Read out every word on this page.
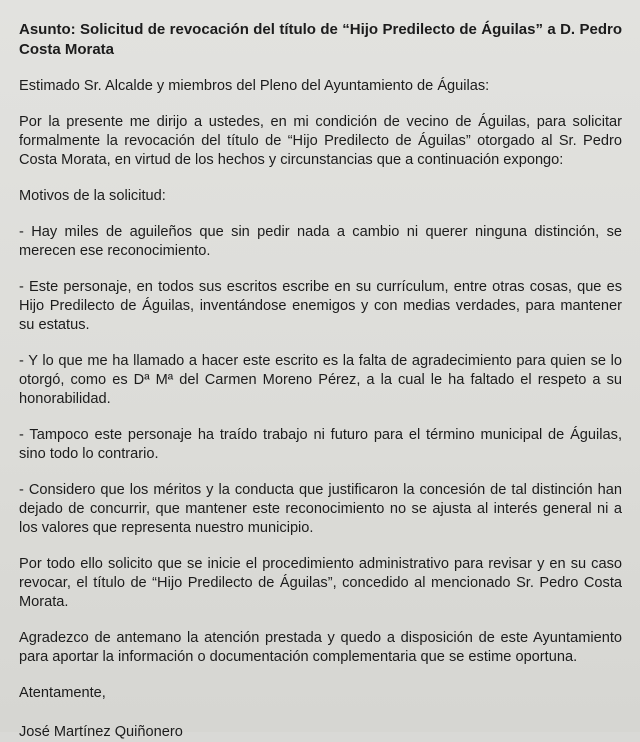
Asunto: Solicitud de revocación del título de “Hijo Predilecto de Águilas” a D. Pedro Costa Morata

Estimado Sr. Alcalde y miembros del Pleno del Ayuntamiento de Águilas:

Por la presente me dirijo a ustedes, en mi condición de vecino de Águilas, para solicitar formalmente la revocación del título de “Hijo Predilecto de Águilas” otorgado al Sr. Pedro Costa Morata, en virtud de los hechos y circunstancias que a continuación expongo:

Motivos de la solicitud:

- Hay miles de aguileños que sin pedir nada a cambio ni querer ninguna distinción, se merecen ese reconocimiento.

- Este personaje, en todos sus escritos escribe en su currículum, entre otras cosas, que es Hijo Predilecto de Águilas, inventándose enemigos y con medias verdades, para mantener su estatus.

- Y lo que me ha llamado a hacer este escrito es la falta de agradecimiento para quien se lo otorgó, como es Dª Mª del Carmen Moreno Pérez, a la cual le ha faltado el respeto a su honorabilidad.

- Tampoco este personaje ha traído trabajo ni futuro para el término municipal de Águilas, sino todo lo contrario.

- Considero que los méritos y la conducta que justificaron la concesión de tal distinción han dejado de concurrir, que mantener este reconocimiento no se ajusta al interés general ni a los valores que representa nuestro municipio.

Por todo ello solicito que se inicie el procedimiento administrativo para revisar y en su caso revocar, el título de “Hijo Predilecto de Águilas”, concedido al mencionado Sr. Pedro Costa Morata.

Agradezco de antemano la atención prestada y quedo a disposición de este Ayuntamiento para aportar la información o documentación complementaria que se estime oportuna.

Atentamente,

José Martínez Quiñonero
